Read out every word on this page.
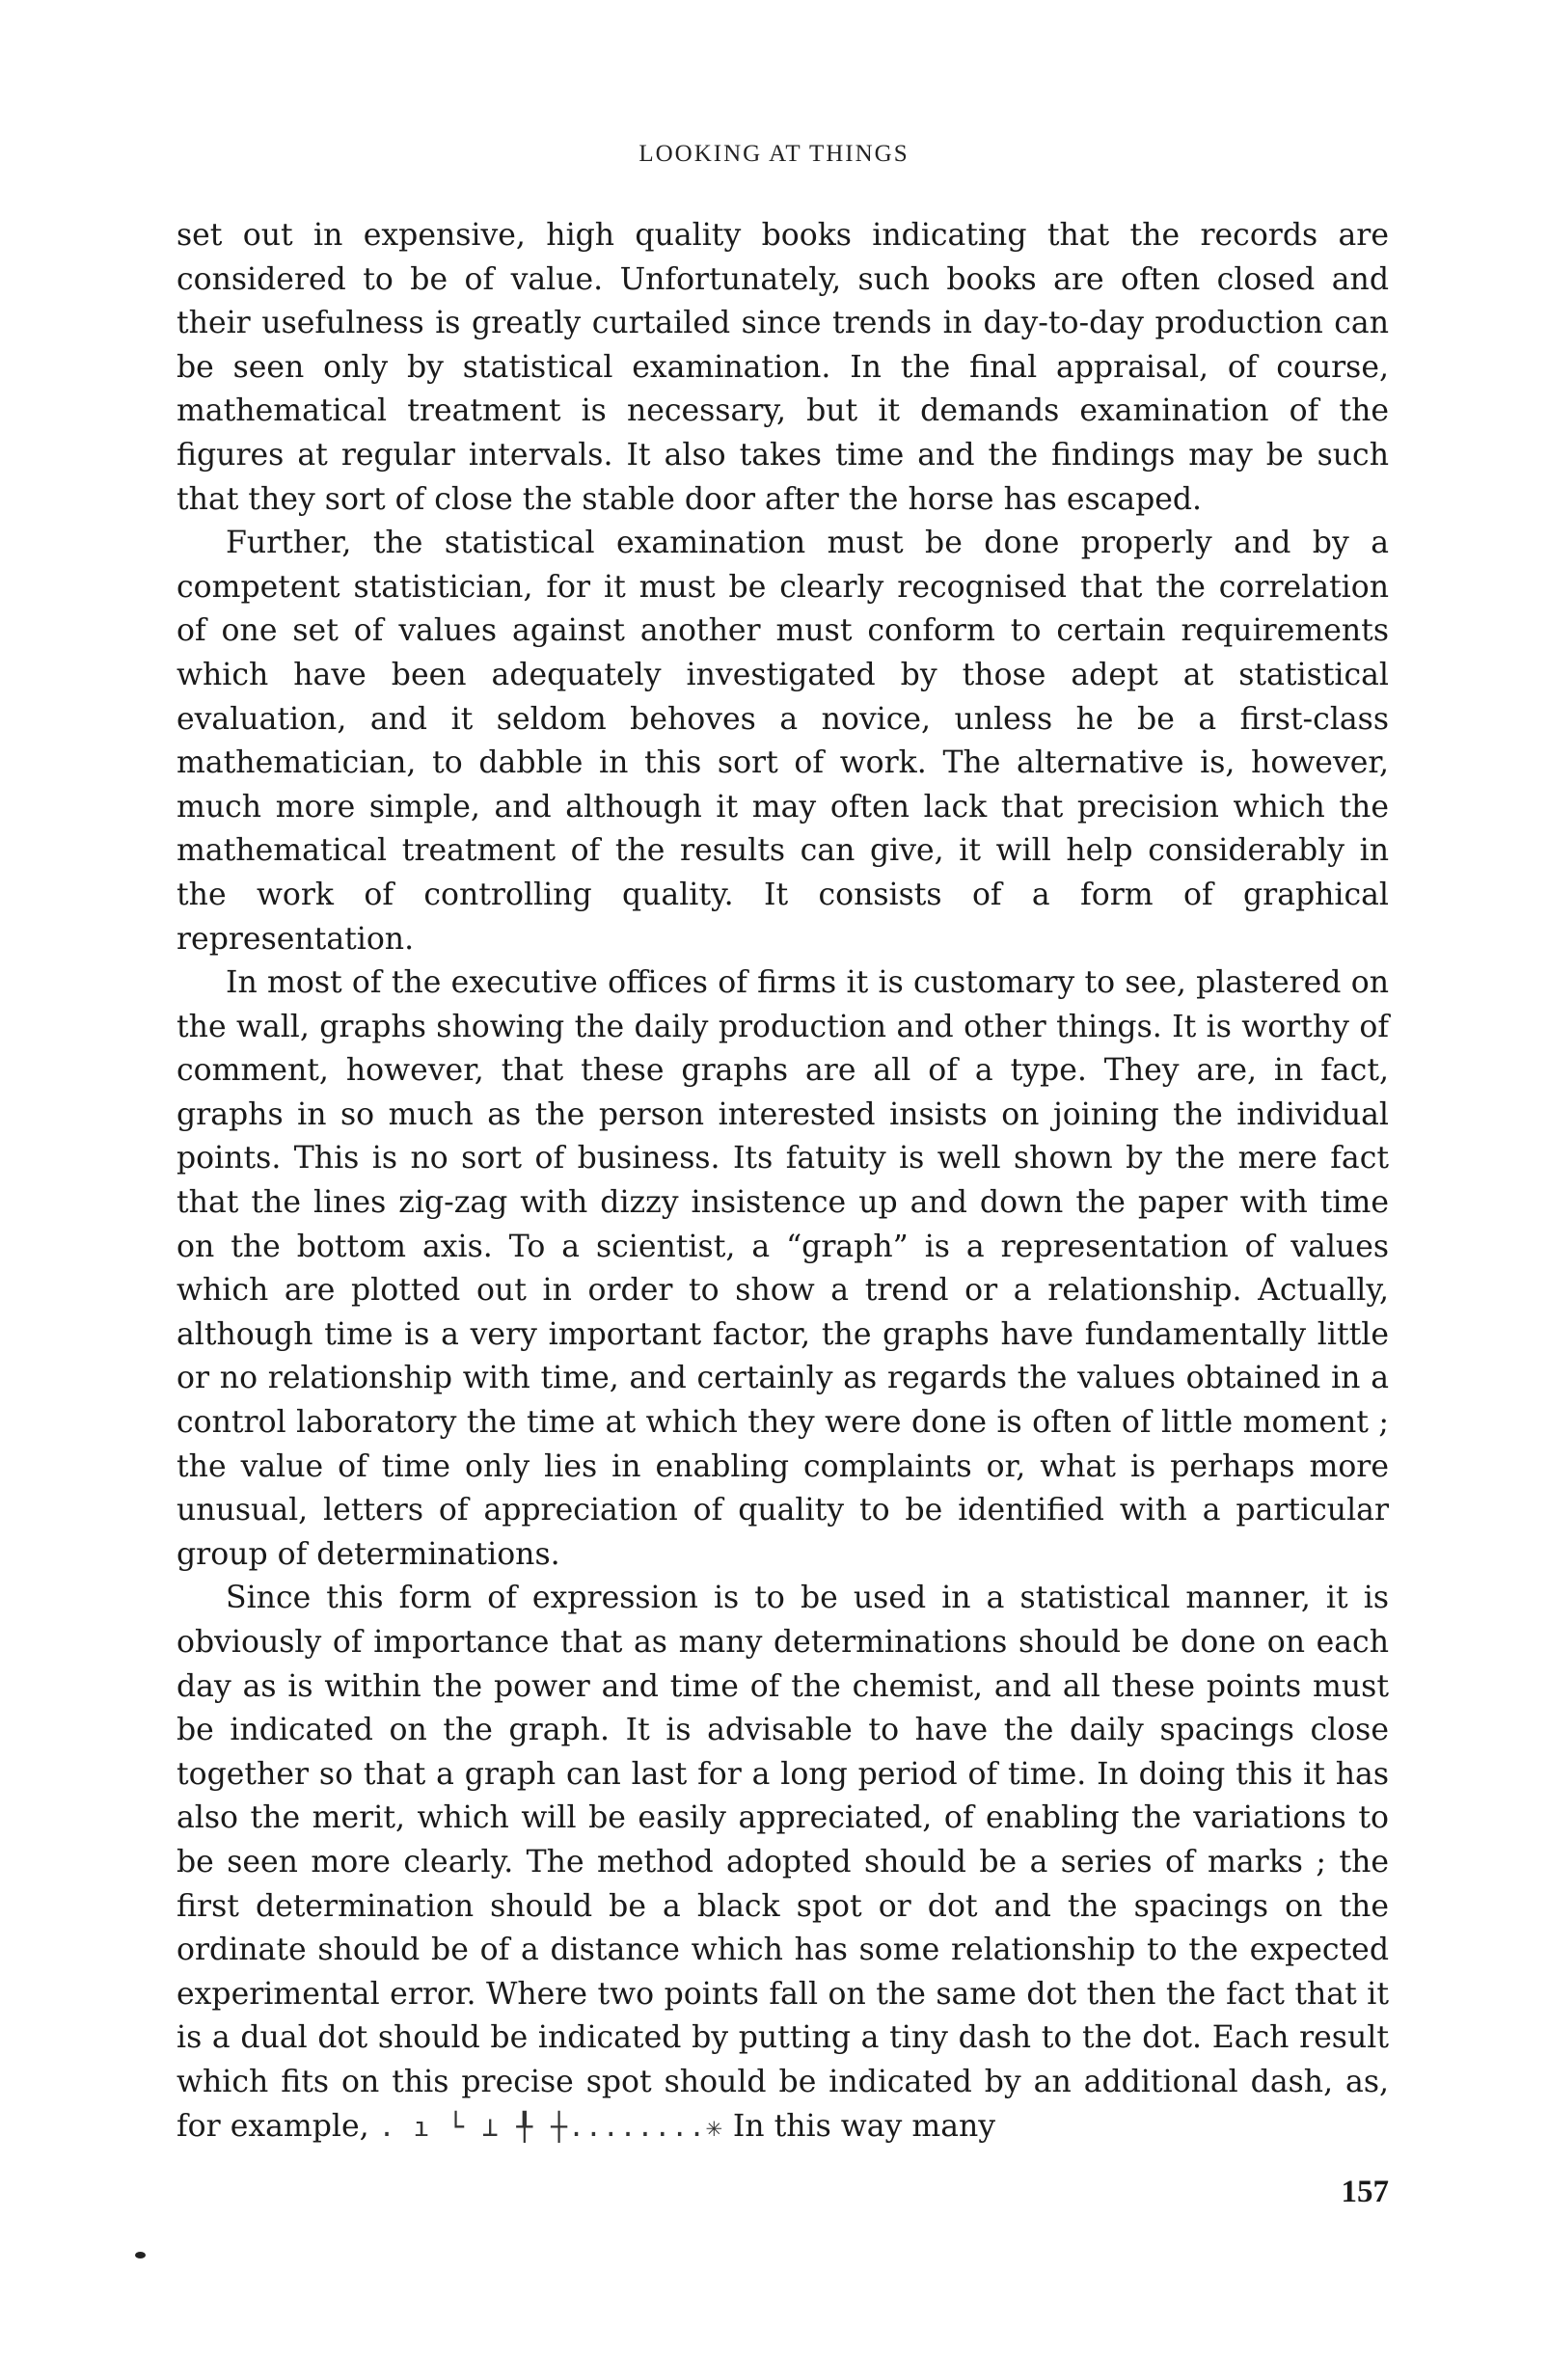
LOOKING AT THINGS

set out in expensive, high quality books indicating that the records are considered to be of value. Unfortunately, such books are often closed and their usefulness is greatly curtailed since trends in day-to-day production can be seen only by statistical examination. In the final appraisal, of course, mathematical treatment is necessary, but it demands examination of the figures at regular intervals. It also takes time and the findings may be such that they sort of close the stable door after the horse has escaped.

Further, the statistical examination must be done properly and by a competent statistician, for it must be clearly recognised that the correlation of one set of values against another must conform to certain requirements which have been adequately investigated by those adept at statistical evaluation, and it seldom behoves a novice, unless he be a first-class mathematician, to dabble in this sort of work. The alternative is, however, much more simple, and although it may often lack that precision which the mathematical treatment of the results can give, it will help considerably in the work of controlling quality. It consists of a form of graphical representation.

In most of the executive offices of firms it is customary to see, plastered on the wall, graphs showing the daily production and other things. It is worthy of comment, however, that these graphs are all of a type. They are, in fact, graphs in so much as the person interested insists on joining the individual points. This is no sort of business. Its fatuity is well shown by the mere fact that the lines zig-zag with dizzy insistence up and down the paper with time on the bottom axis. To a scientist, a “graph” is a representation of values which are plotted out in order to show a trend or a relationship. Actually, although time is a very important factor, the graphs have fundamentally little or no relationship with time, and certainly as regards the values obtained in a control laboratory the time at which they were done is often of little moment ; the value of time only lies in enabling complaints or, what is perhaps more unusual, letters of appreciation of quality to be identified with a particular group of determinations.

Since this form of expression is to be used in a statistical manner, it is obviously of importance that as many determinations should be done on each day as is within the power and time of the chemist, and all these points must be indicated on the graph. It is advisable to have the daily spacings close together so that a graph can last for a long period of time. In doing this it has also the merit, which will be easily appreciated, of enabling the variations to be seen more clearly. The method adopted should be a series of marks ; the first determination should be a black spot or dot and the spacings on the ordinate should be of a distance which has some relationship to the expected experimental error. Where two points fall on the same dot then the fact that it is a dual dot should be indicated by putting a tiny dash to the dot. Each result which fits on this precise spot should be indicated by an additional dash, as, for example, . ı └ ⊥ ╀ ┼........✳ In this way many

157
